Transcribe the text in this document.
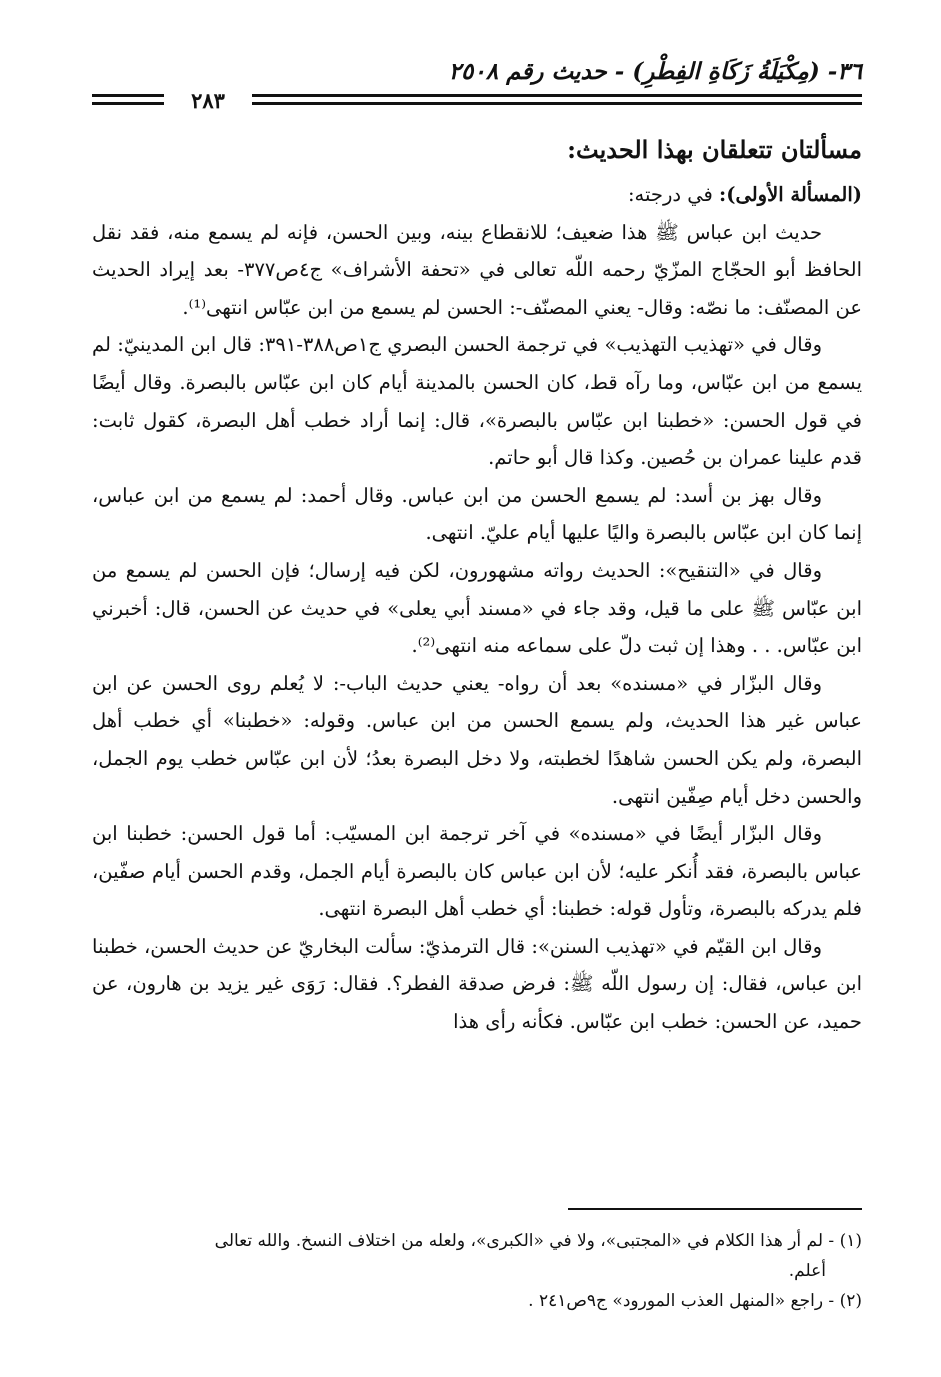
٣٦- (مِكْيَلَةُ زَكَاةِ الفِطْرِ) - حديث رقم ٢٥٠٨
٢٨٣

مسألتان تتعلقان بهذا الحديث:

(المسألة الأولى): في درجته:

حديث ابن عباس ﷺ هذا ضعيف؛ للانقطاع بينه، وبين الحسن، فإنه لم يسمع منه، فقد نقل الحافظ أبو الحجّاج المزّيّ رحمه اللّه تعالى في «تحفة الأشراف» ج٤ص٣٧٧- بعد إيراد الحديث عن المصنّف: ما نصّه: وقال- يعني المصنّف-: الحسن لم يسمع من ابن عبّاس انتهى⁽¹⁾.

وقال في «تهذيب التهذيب» في ترجمة الحسن البصري ج١ص٣٨٨-٣٩١: قال ابن المدينيّ: لم يسمع من ابن عبّاس، وما رآه قط، كان الحسن بالمدينة أيام كان ابن عبّاس بالبصرة. وقال أيضًا في قول الحسن: «خطبنا ابن عبّاس بالبصرة»، قال: إنما أراد خطب أهل البصرة، كقول ثابت: قدم علينا عمران بن حُصين. وكذا قال أبو حاتم.

وقال بهز بن أسد: لم يسمع الحسن من ابن عباس. وقال أحمد: لم يسمع من ابن عباس، إنما كان ابن عبّاس بالبصرة واليًا عليها أيام عليّ. انتهى.

وقال في «التنقيح»: الحديث رواته مشهورون، لكن فيه إرسال؛ فإن الحسن لم يسمع من ابن عبّاس ﷺ على ما قيل، وقد جاء في «مسند أبي يعلى» في حديث عن الحسن، قال: أخبرني ابن عبّاس. . . وهذا إن ثبت دلّ على سماعه منه انتهى⁽²⁾.

وقال البزّار في «مسنده» بعد أن رواه- يعني حديث الباب-: لا يُعلم روى الحسن عن ابن عباس غير هذا الحديث، ولم يسمع الحسن من ابن عباس. وقوله: «خطبنا» أي خطب أهل البصرة، ولم يكن الحسن شاهدًا لخطبته، ولا دخل البصرة بعدُ؛ لأن ابن عبّاس خطب يوم الجمل، والحسن دخل أيام صِفّين انتهى.

وقال البزّار أيضًا في «مسنده» في آخر ترجمة ابن المسيّب: أما قول الحسن: خطبنا ابن عباس بالبصرة، فقد أُنكر عليه؛ لأن ابن عباس كان بالبصرة أيام الجمل، وقدم الحسن أيام صفّين، فلم يدركه بالبصرة، وتأول قوله: خطبنا: أي خطب أهل البصرة انتهى.

وقال ابن القيّم في «تهذيب السنن»: قال الترمذيّ: سألت البخاريّ عن حديث الحسن، خطبنا ابن عباس، فقال: إن رسول اللّه ﷺ: فرض صدقة الفطر؟. فقال: رَوَى غير يزيد بن هارون، عن حميد، عن الحسن: خطب ابن عبّاس. فكأنه رأى هذا

(١) - لم أر هذا الكلام في «المجتبى»، ولا في «الكبرى»، ولعله من اختلاف النسخ. والله تعالى

أعلم.

(٢) - راجع «المنهل العذب المورود» ج٩ص٢٤١ .
